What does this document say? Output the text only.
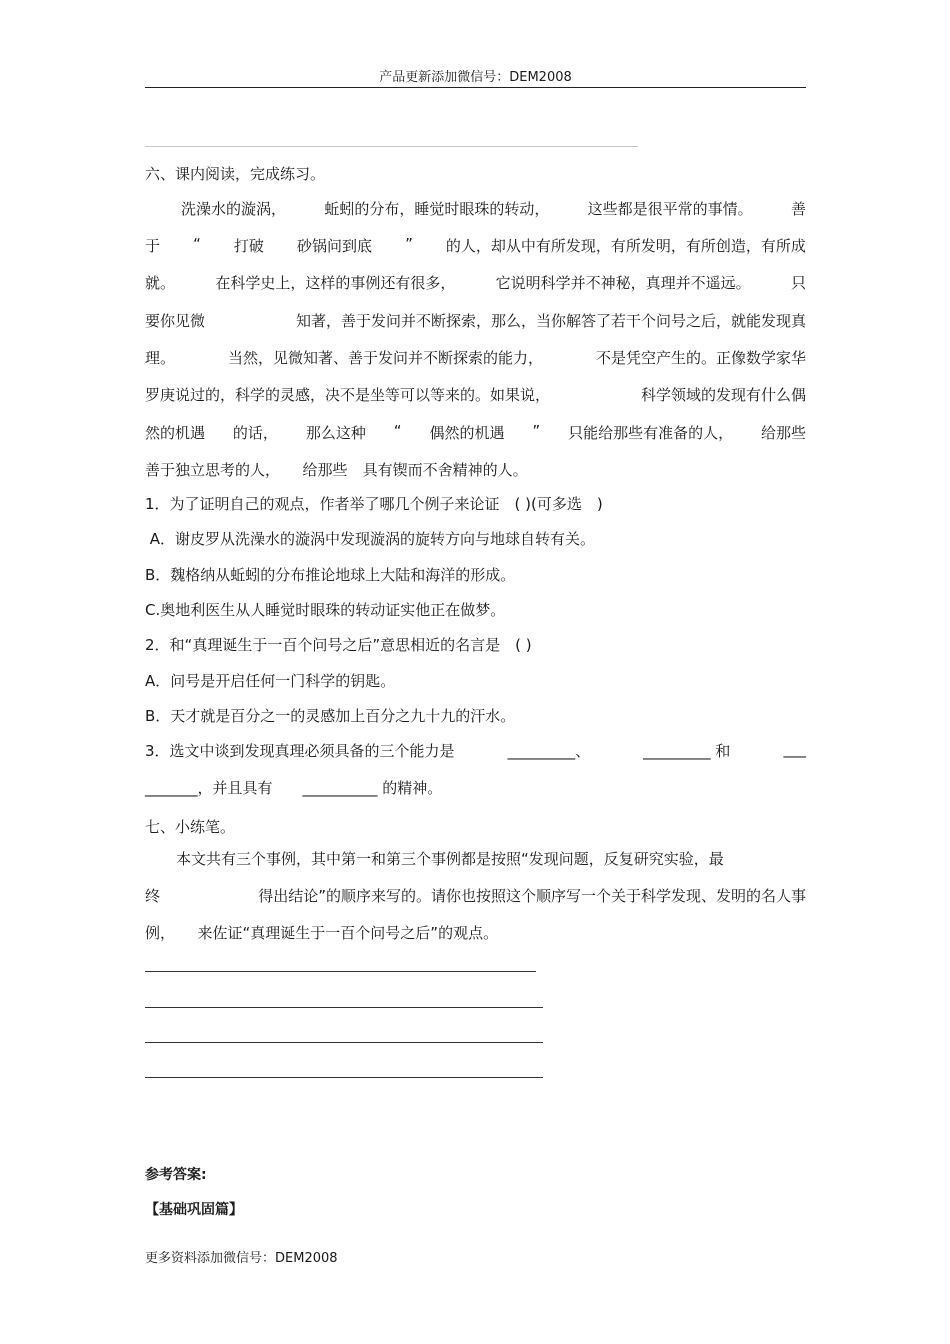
产品更新添加微信号：DEM2008
六、课内阅读，完成练习。
洗澡水的漩涡，	蚯蚓的分布，睡觉时眼珠的转动，	这些都是很平常的事情。	善
于 “ 打破 砂锅问到底 ” 的人，却从中有所发现，有所发明，有所创造，有所成
就。	在科学史上，这样的事例还有很多，	它说明科学并不神秘，真理并不遥远。	只
要你见微	知著，善于发问并不断探索，那么，当你解答了若干个问号之后，就能发现真
理。	当然，见微知著、善于发问并不断探索的能力，	不是凭空产生的。正像数学家华
罗庚说过的，科学的灵感，决不是坐等可以等来的。如果说，	科学领域的发现有什么偶
然的机遇 的话， 那么这种 “ 偶然的机遇 ” 只能给那些有准备的人， 给那些
善于独立思考的人，　　 给那些　 具有锲而不舍精神的人。
1．为了证明自己的观点，作者举了哪几个例子来论证　( )(可多选　)
A．谢皮罗从洗澡水的漩涡中发现漩涡的旋转方向与地球自转有关。
B．魏格纳从蚯蚓的分布推论地球上大陆和海洋的形成。
C.奥地利医生从人睡觉时眼珠的转动证实他正在做梦。
2．和“真理诞生于一百个问号之后”意思相近的名言是　( )
A．问号是开启任何一门科学的钥匙。
B．天才就是百分之一的灵感加上百分之九十九的汗水。
3．选文中谈到发现真理必须具备的三个能力是	_________、	_________ 和	___
_______，并且具有　　__________ 的精神。
七、小练笔。
本文共有三个事例，其中第一和第三个事例都是按照“发现问题，反复研究实验，最
终	得出结论”的顺序来写的。请你也按照这个顺序写一个关于科学发现、发明的名人事
例，　　 来佐证“真理诞生于一百个问号之后”的观点。
参考答案:
【基础巩固篇】
更多资料添加微信号：DEM2008
